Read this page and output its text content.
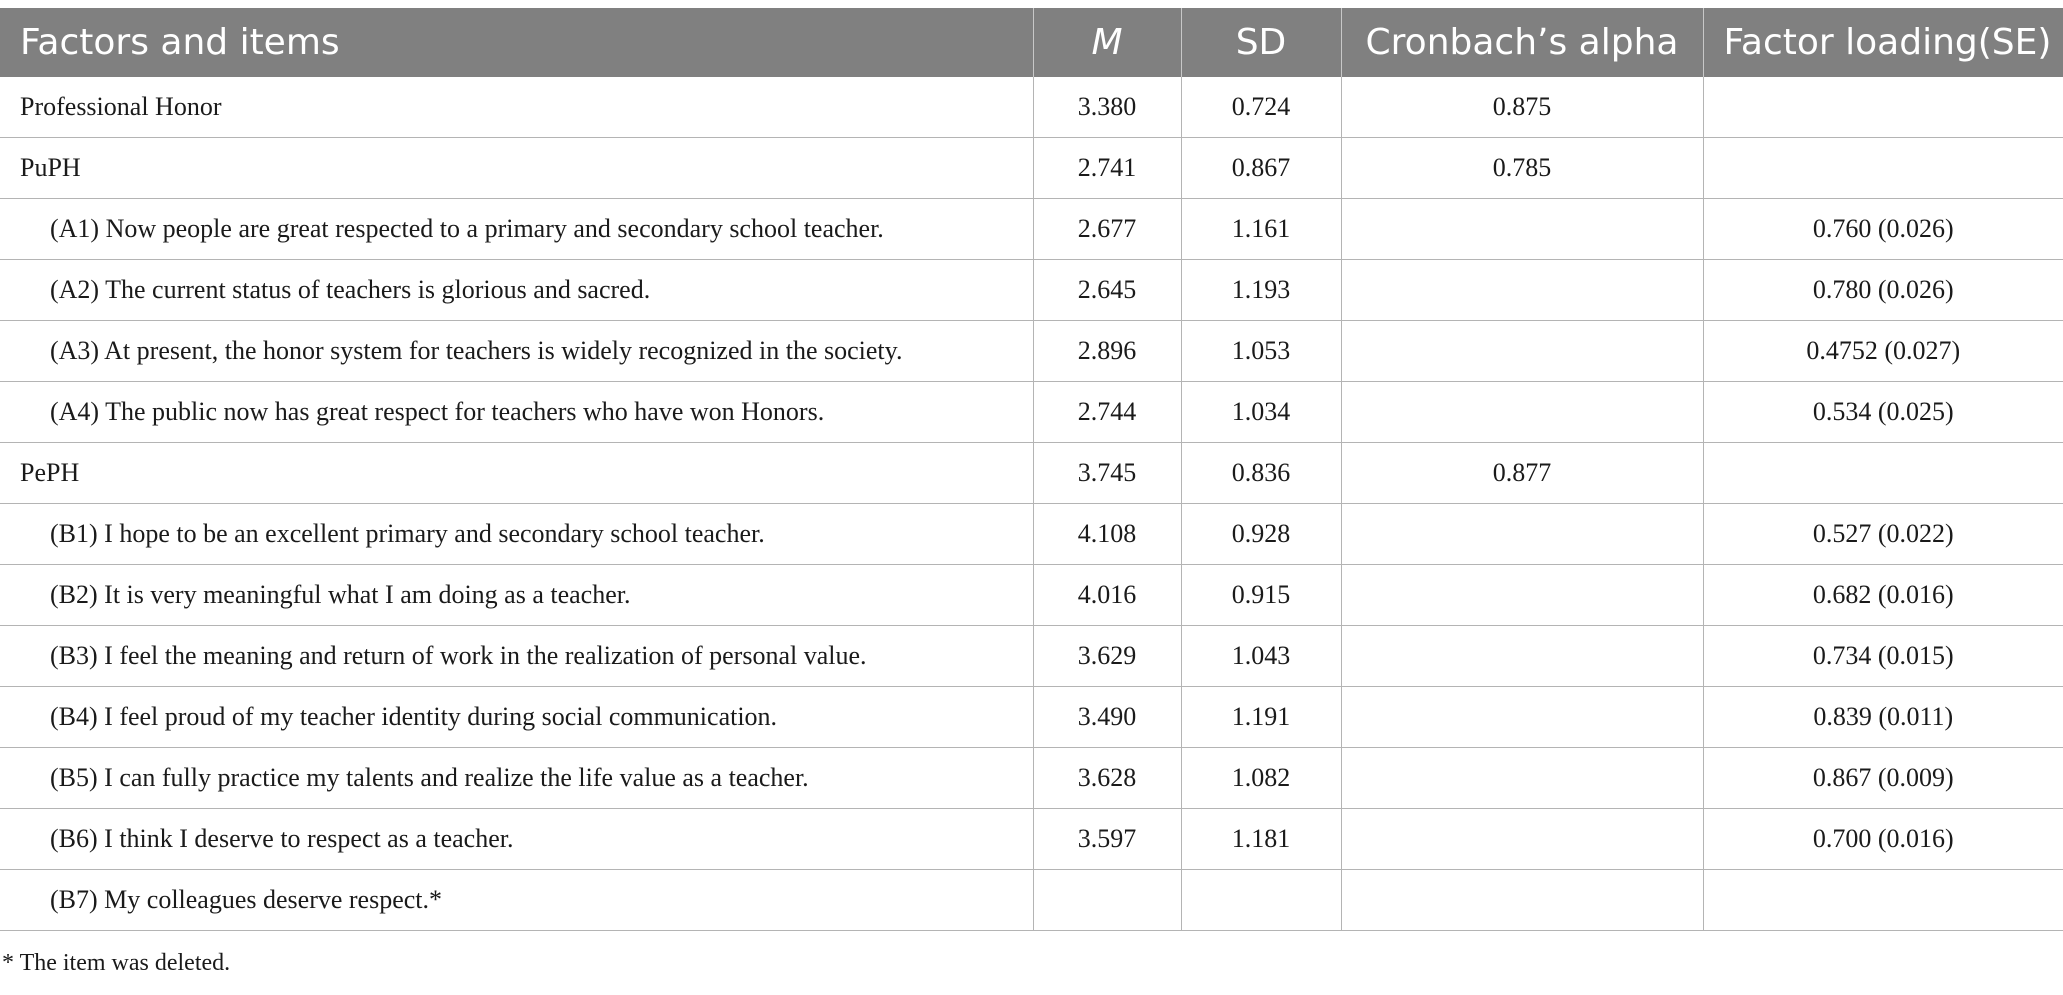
Factors and items	M	SD	Cronbach’s alpha	Factor loading(SE)
Professional Honor	3.380	0.724	0.875	
PuPH	2.741	0.867	0.785	
(A1) Now people are great respected to a primary and secondary school teacher.	2.677	1.161		0.760 (0.026)
(A2) The current status of teachers is glorious and sacred.	2.645	1.193		0.780 (0.026)
(A3) At present, the honor system for teachers is widely recognized in the society.	2.896	1.053		0.4752 (0.027)
(A4) The public now has great respect for teachers who have won Honors.	2.744	1.034		0.534 (0.025)
PePH	3.745	0.836	0.877	
(B1) I hope to be an excellent primary and secondary school teacher.	4.108	0.928		0.527 (0.022)
(B2) It is very meaningful what I am doing as a teacher.	4.016	0.915		0.682 (0.016)
(B3) I feel the meaning and return of work in the realization of personal value.	3.629	1.043		0.734 (0.015)
(B4) I feel proud of my teacher identity during social communication.	3.490	1.191		0.839 (0.011)
(B5) I can fully practice my talents and realize the life value as a teacher.	3.628	1.082		0.867 (0.009)
(B6) I think I deserve to respect as a teacher.	3.597	1.181		0.700 (0.016)
(B7) My colleagues deserve respect.*				
* The item was deleted.
